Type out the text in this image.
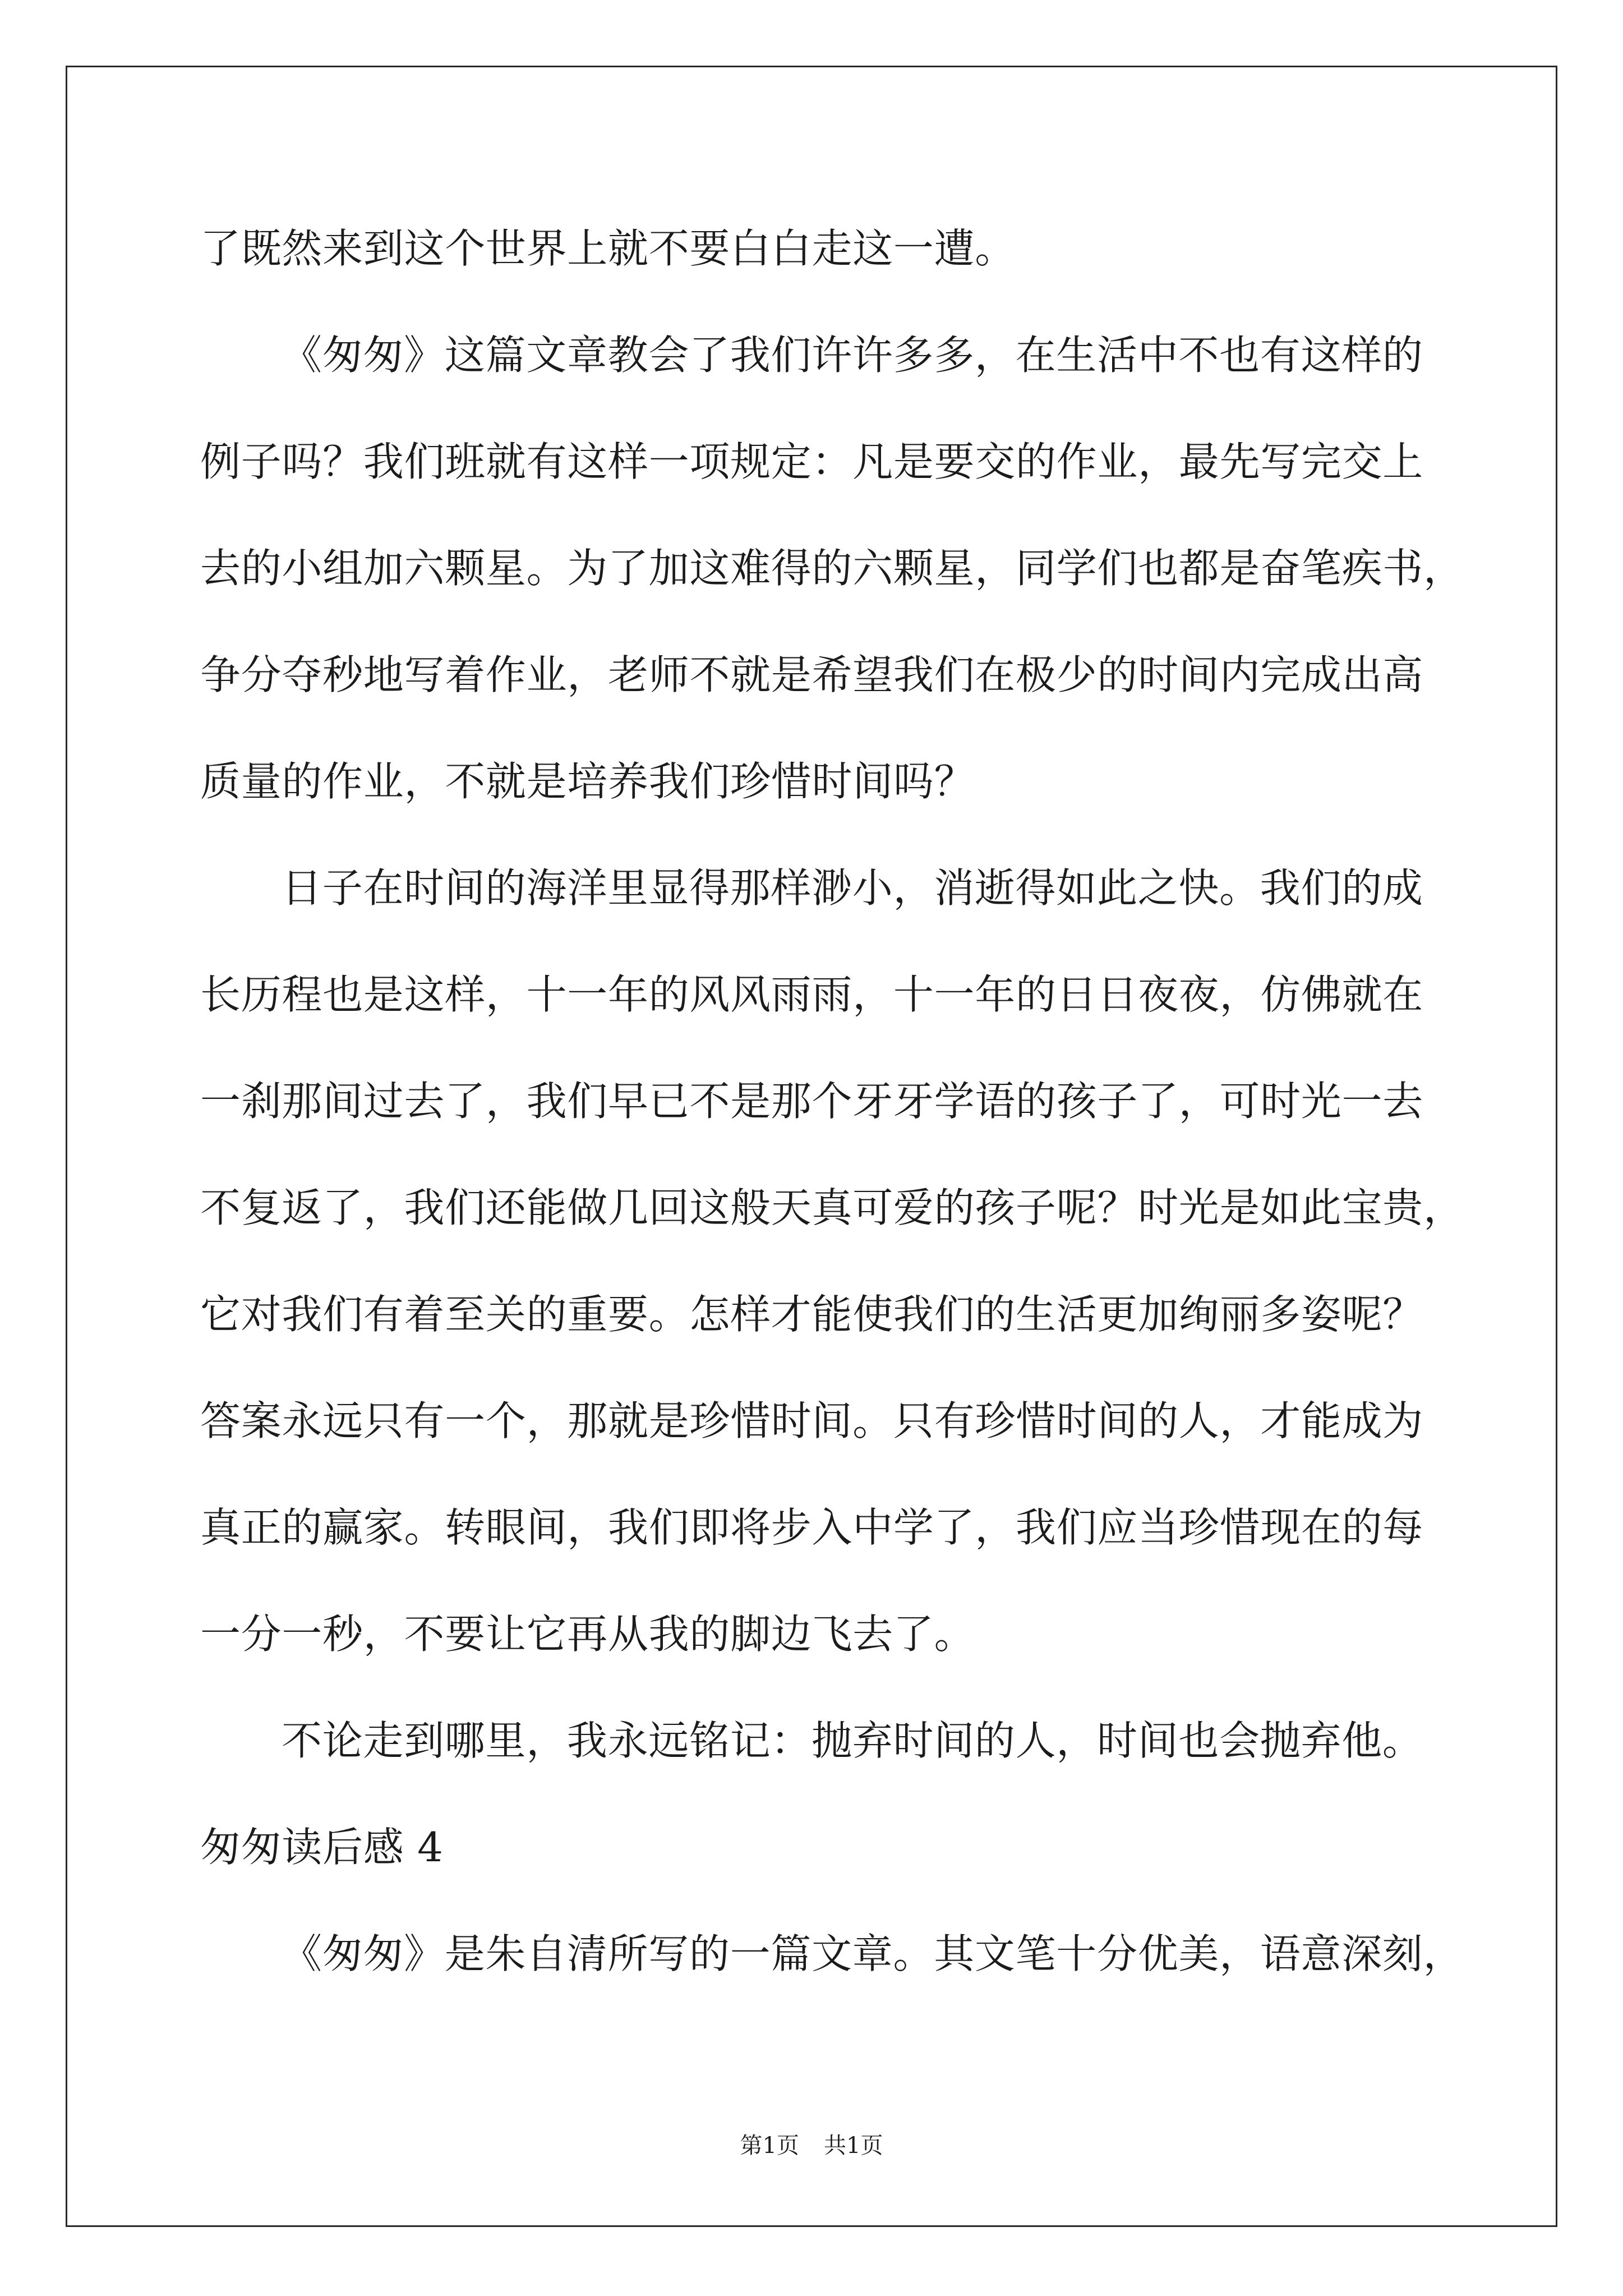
了既然来到这个世界上就不要白白走这一遭。
《匆匆》这篇文章教会了我们许许多多，在生活中不也有这样的
例子吗？我们班就有这样一项规定：凡是要交的作业，最先写完交上
去的小组加六颗星。为了加这难得的六颗星，同学们也都是奋笔疾书，
争分夺秒地写着作业，老师不就是希望我们在极少的时间内完成出高
质量的作业，不就是培养我们珍惜时间吗？
日子在时间的海洋里显得那样渺小，消逝得如此之快。我们的成
长历程也是这样，十一年的风风雨雨，十一年的日日夜夜，仿佛就在
一刹那间过去了，我们早已不是那个牙牙学语的孩子了，可时光一去
不复返了，我们还能做几回这般天真可爱的孩子呢？时光是如此宝贵，
它对我们有着至关的重要。怎样才能使我们的生活更加绚丽多姿呢？
答案永远只有一个，那就是珍惜时间。只有珍惜时间的人，才能成为
真正的赢家。转眼间，我们即将步入中学了，我们应当珍惜现在的每
一分一秒，不要让它再从我的脚边飞去了。
不论走到哪里，我永远铭记：抛弃时间的人，时间也会抛弃他。
匆匆读后感 4
《匆匆》是朱自清所写的一篇文章。其文笔十分优美，语意深刻，
第1页 共1页
